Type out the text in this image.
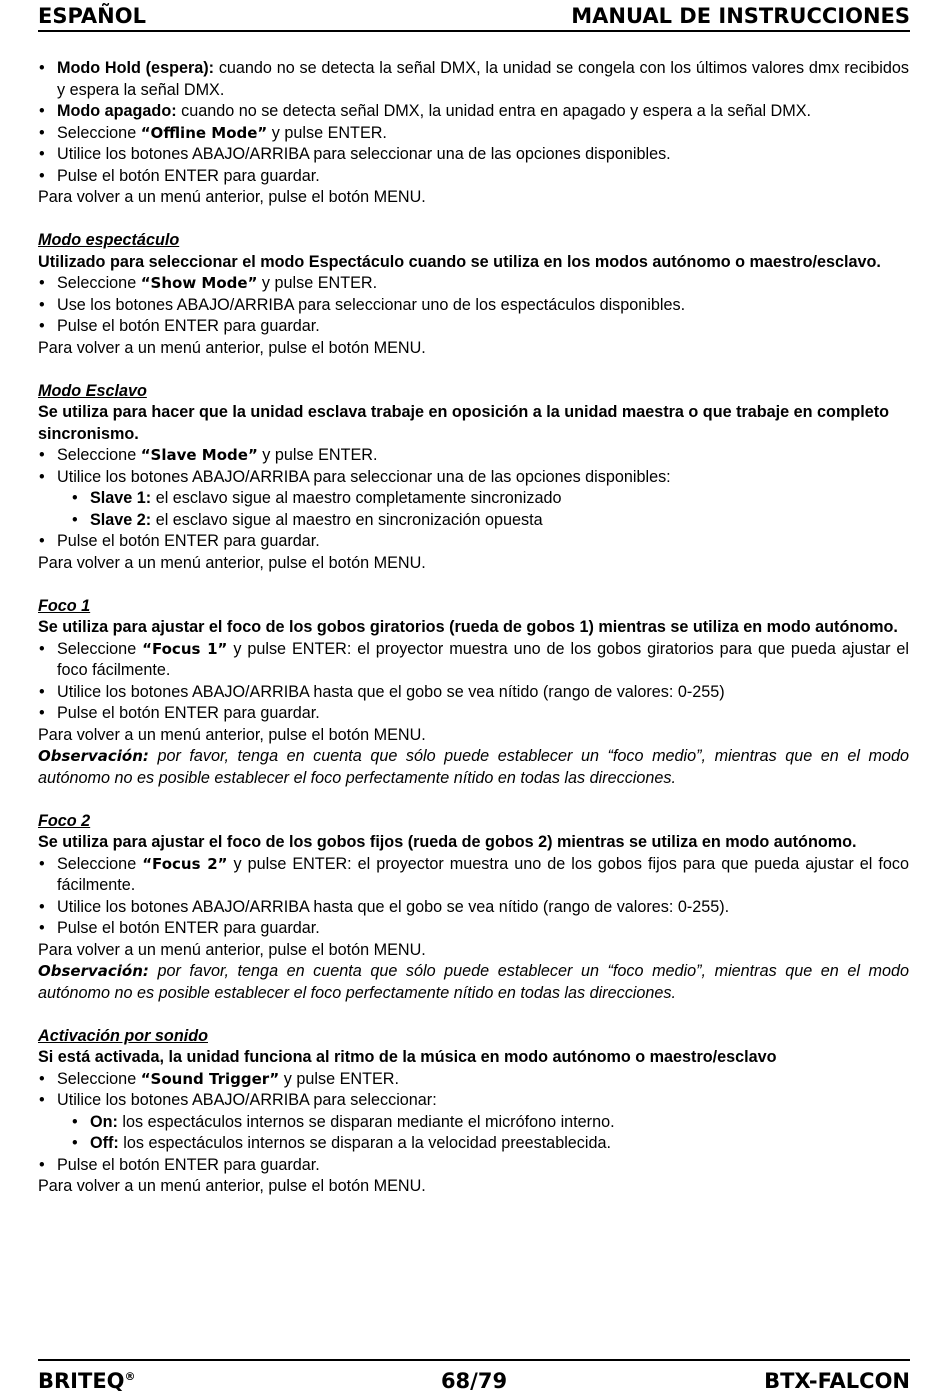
ESPAÑOL	MANUAL DE INSTRUCCIONES
• Modo Hold (espera): cuando no se detecta la señal DMX, la unidad se congela con los últimos valores dmx recibidos y espera la señal DMX.
• Modo apagado: cuando no se detecta señal DMX, la unidad entra en apagado y espera a la señal DMX.
• Seleccione “Offline Mode” y pulse ENTER.
• Utilice los botones ABAJO/ARRIBA para seleccionar una de las opciones disponibles.
• Pulse el botón ENTER para guardar.

Para volver a un menú anterior, pulse el botón MENU.

Modo espectáculo

Utilizado para seleccionar el modo Espectáculo cuando se utiliza en los modos autónomo o maestro/esclavo.

• Seleccione “Show Mode” y pulse ENTER.
• Use los botones ABAJO/ARRIBA para seleccionar uno de los espectáculos disponibles.
• Pulse el botón ENTER para guardar.

Para volver a un menú anterior, pulse el botón MENU.

Modo Esclavo

Se utiliza para hacer que la unidad esclava trabaje en oposición a la unidad maestra o que trabaje en completo sincronismo.

• Seleccione “Slave Mode” y pulse ENTER.
• Utilice los botones ABAJO/ARRIBA para seleccionar una de las opciones disponibles:
• Slave 1: el esclavo sigue al maestro completamente sincronizado
• Slave 2: el esclavo sigue al maestro en sincronización opuesta
• Pulse el botón ENTER para guardar.

Para volver a un menú anterior, pulse el botón MENU.

Foco 1

Se utiliza para ajustar el foco de los gobos giratorios (rueda de gobos 1) mientras se utiliza en modo autónomo.

• Seleccione “Focus 1” y pulse ENTER: el proyector muestra uno de los gobos giratorios para que pueda ajustar el foco fácilmente.
• Utilice los botones ABAJO/ARRIBA hasta que el gobo se vea nítido (rango de valores: 0-255)
• Pulse el botón ENTER para guardar.

Para volver a un menú anterior, pulse el botón MENU.

Observación: por favor, tenga en cuenta que sólo puede establecer un “foco medio”, mientras que en el modo autónomo no es posible establecer el foco perfectamente nítido en todas las direcciones.

Foco 2

Se utiliza para ajustar el foco de los gobos fijos (rueda de gobos 2) mientras se utiliza en modo autónomo.

• Seleccione “Focus 2” y pulse ENTER: el proyector muestra uno de los gobos fijos para que pueda ajustar el foco fácilmente.
• Utilice los botones ABAJO/ARRIBA hasta que el gobo se vea nítido (rango de valores: 0-255).
• Pulse el botón ENTER para guardar.

Para volver a un menú anterior, pulse el botón MENU.

Observación: por favor, tenga en cuenta que sólo puede establecer un “foco medio”, mientras que en el modo autónomo no es posible establecer el foco perfectamente nítido en todas las direcciones.

Activación por sonido

Si está activada, la unidad funciona al ritmo de la música en modo autónomo o maestro/esclavo

• Seleccione “Sound Trigger” y pulse ENTER.
• Utilice los botones ABAJO/ARRIBA para seleccionar:
• On: los espectáculos internos se disparan mediante el micrófono interno.
• Off: los espectáculos internos se disparan a la velocidad preestablecida.
• Pulse el botón ENTER para guardar.

Para volver a un menú anterior, pulse el botón MENU.

BRITEQ®	68/79	BTX-FALCON
